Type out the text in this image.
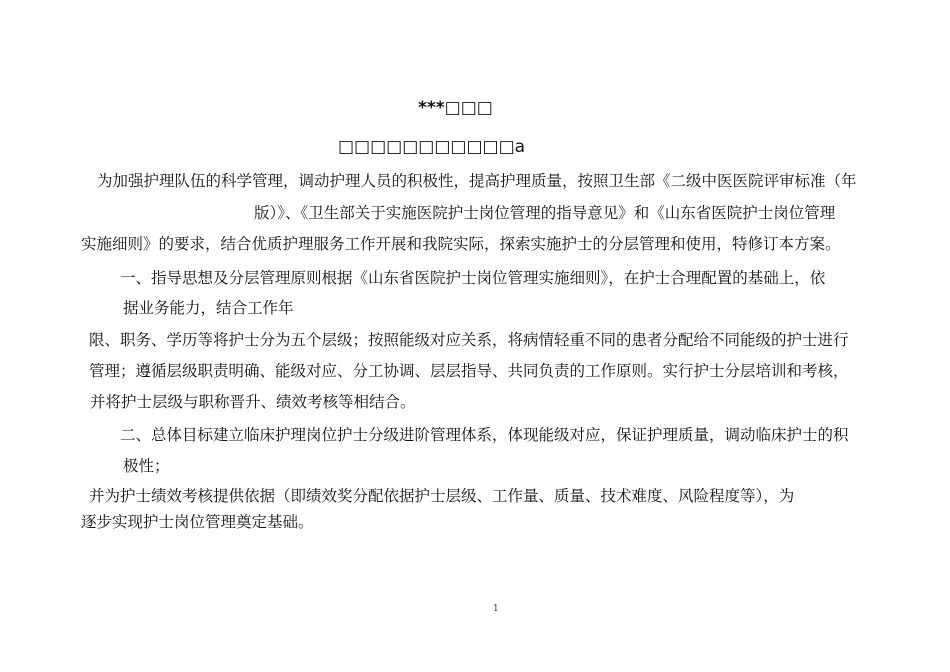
***□□□
□□□□□□□□□□□a
为加强护理队伍的科学管理，调动护理人员的积极性，提高护理质量，按照卫生部《二级中医医院评审标准（年
版）》、《卫生部关于实施医院护士岗位管理的指导意见》和《山东省医院护士岗位管理
实施细则》的要求，结合优质护理服务工作开展和我院实际，探索实施护士的分层管理和使用，特修订本方案。
一、指导思想及分层管理原则根据《山东省医院护士岗位管理实施细则》，在护士合理配置的基础上，依
据业务能力，结合工作年
限、职务、学历等将护士分为五个层级；按照能级对应关系，将病情轻重不同的患者分配给不同能级的护士进行
管理；遵循层级职责明确、能级对应、分工协调、层层指导、共同负责的工作原则。实行护士分层培训和考核，
并将护士层级与职称晋升、绩效考核等相结合。
二、总体目标建立临床护理岗位护士分级进阶管理体系，体现能级对应，保证护理质量，调动临床护士的积
极性；
并为护士绩效考核提供依据（即绩效奖分配依据护士层级、工作量、质量、技术难度、风险程度等），为
逐步实现护士岗位管理奠定基础。
1
